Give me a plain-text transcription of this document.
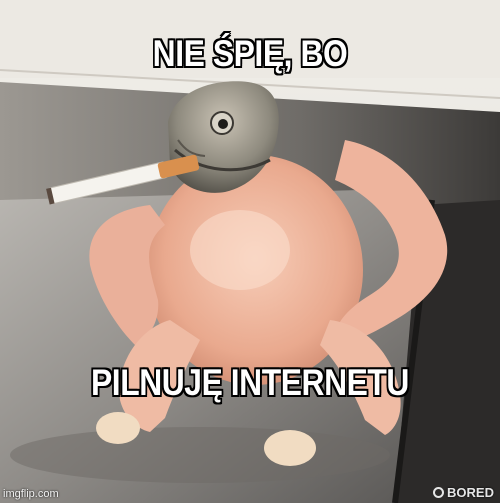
NIE ŚPIĘ, BO
PILNUJĘ INTERNETU
imgflip.com	BORED
